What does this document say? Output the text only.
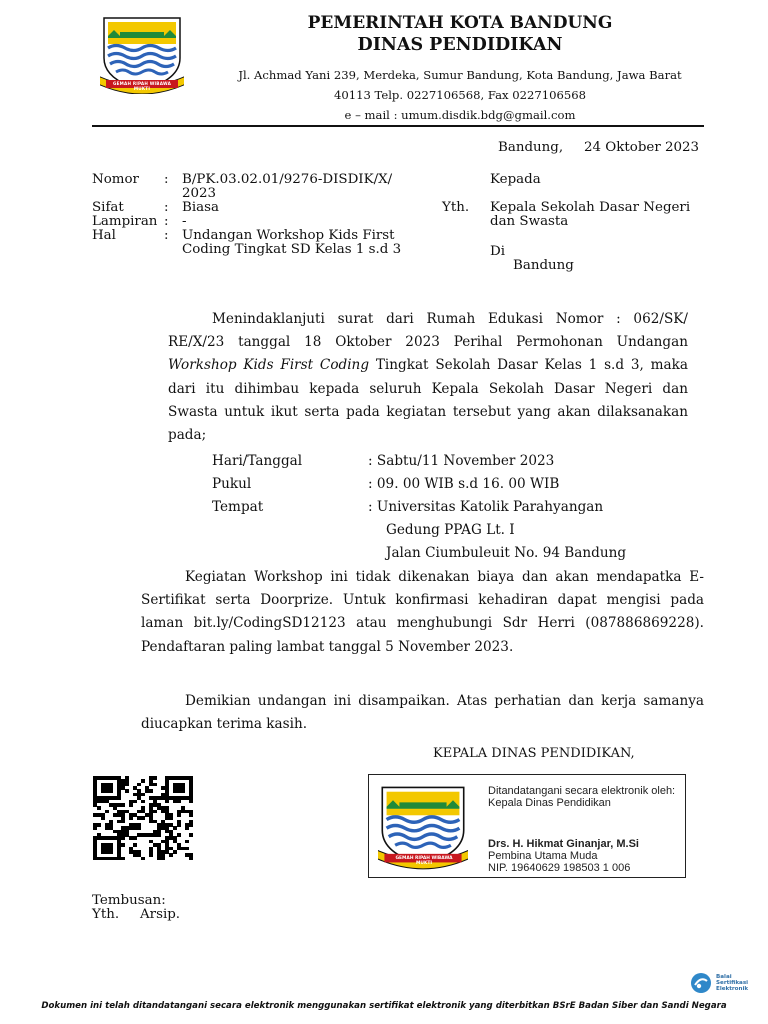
GEMAH RIPAH WIBAWA MUKTI
PEMERINTAH KOTA BANDUNG
DINAS PENDIDIKAN
Jl. Achmad Yani 239, Merdeka, Sumur Bandung, Kota Bandung, Jawa Barat
40113 Telp. 0227106568, Fax 0227106568
e – mail : umum.disdik.bdg@gmail.com
Bandung, 24 Oktober 2023
Nomor : B/PK.03.02.01/9276-DISDIK/X/
2023
Sifat	: Biasa
Lampiran : -
Hal	: Undangan Workshop Kids First
Coding Tingkat SD Kelas 1 s.d 3
Kepada
Yth. Kepala Sekolah Dasar Negeri
dan Swasta
Di
Bandung

Menindaklanjuti surat dari Rumah Edukasi Nomor : 062/SK/ RE/X/23 tanggal 18 Oktober 2023 Perihal Permohonan Undangan Workshop Kids First Coding Tingkat Sekolah Dasar Kelas 1 s.d 3, maka dari itu dihimbau kepada seluruh Kepala Sekolah Dasar Negeri dan Swasta untuk ikut serta pada kegiatan tersebut yang akan dilaksanakan pada;

Hari/Tanggal	: Sabtu/11 November 2023
Pukul	: 09. 00 WIB s.d 16. 00 WIB
Tempat	: Universitas Katolik Parahyangan
Gedung PPAG Lt. I
Jalan Ciumbuleuit No. 94 Bandung

Kegiatan Workshop ini tidak dikenakan biaya dan akan mendapatka E-Sertifikat serta Doorprize. Untuk konfirmasi kehadiran dapat mengisi pada laman bit.ly/CodingSD12123 atau menghubungi Sdr Herri (087886869228). Pendaftaran paling lambat tanggal 5 November 2023.

Demikian undangan ini disampaikan. Atas perhatian dan kerja samanya diucapkan terima kasih.

KEPALA DINAS PENDIDIKAN,
GEMAH RIPAH WIBAWA MUKTI
Ditandatangani secara elektronik oleh:
Kepala Dinas Pendidikan
Drs. H. Hikmat Ginanjar, M.Si
Pembina Utama Muda
NIP. 19640629 198503 1 006
Tembusan:
Yth. Arsip.
Balai
Sertifikasi
Elektronik
Dokumen ini telah ditandatangani secara elektronik menggunakan sertifikat elektronik yang diterbitkan BSrE Badan Siber dan Sandi Negara
